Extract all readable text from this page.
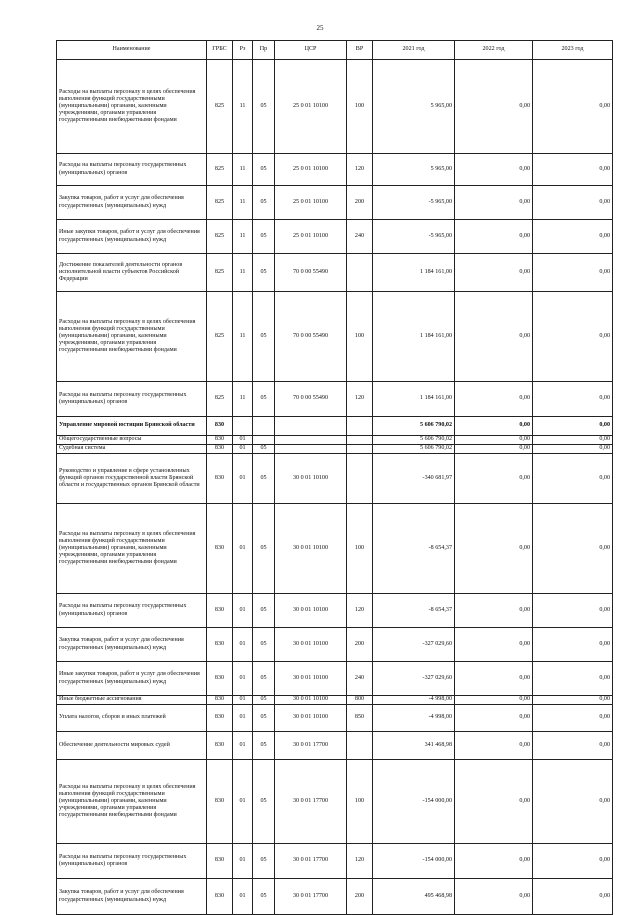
25
Наименование	ГРБС	Рз	Пр	ЦСР	ВР	2021 год	2022 год	2023 год
Расходы на выплаты персоналу в целях обеспечения выполнения функций государственными (муниципальными) органами, казенными учреждениями, органами управления государственными внебюджетными фондами	825	11	05	25 0 01 10100	100	5 965,00	0,00	0,00
Расходы на выплаты персоналу государственных (муниципальных) органов	825	11	05	25 0 01 10100	120	5 965,00	0,00	0,00
Закупка товаров, работ и услуг для обеспечения государственных (муниципальных) нужд	825	11	05	25 0 01 10100	200	-5 965,00	0,00	0,00
Иные закупки товаров, работ и услуг для обеспечения государственных (муниципальных) нужд	825	11	05	25 0 01 10100	240	-5 965,00	0,00	0,00
Достижение показателей деятельности органов исполнительной власти субъектов Российской Федерации	825	11	05	70 0 00 55490		1 184 161,00	0,00	0,00
Расходы на выплаты персоналу в целях обеспечения выполнения функций государственными (муниципальными) органами, казенными учреждениями, органами управления государственными внебюджетными фондами	825	11	05	70 0 00 55490	100	1 184 161,00	0,00	0,00
Расходы на выплаты персоналу государственных (муниципальных) органов	825	11	05	70 0 00 55490	120	1 184 161,00	0,00	0,00
Управление мировой юстиции Брянской области	830					5 606 790,02	0,00	0,00
Общегосударственные вопросы	830	01				5 606 790,02	0,00	0,00
Судебная система	830	01	05			5 606 790,02	0,00	0,00
Руководство и управление в сфере установленных функций органов государственной власти Брянской области и государственных органов Брянской области	830	01	05	30 0 01 10100		-340 681,97	0,00	0,00
Расходы на выплаты персоналу в целях обеспечения выполнения функций государственными (муниципальными) органами, казенными учреждениями, органами управления государственными внебюджетными фондами	830	01	05	30 0 01 10100	100	-8 654,37	0,00	0,00
Расходы на выплаты персоналу государственных (муниципальных) органов	830	01	05	30 0 01 10100	120	-8 654,37	0,00	0,00
Закупка товаров, работ и услуг для обеспечения государственных (муниципальных) нужд	830	01	05	30 0 01 10100	200	-327 029,60	0,00	0,00
Иные закупки товаров, работ и услуг для обеспечения государственных (муниципальных) нужд	830	01	05	30 0 01 10100	240	-327 029,60	0,00	0,00
Иные бюджетные ассигнования	830	01	05	30 0 01 10100	800	-4 998,00	0,00	0,00
Уплата налогов, сборов и иных платежей	830	01	05	30 0 01 10100	850	-4 998,00	0,00	0,00
Обеспечение деятельности мировых судей	830	01	05	30 0 01 17700		341 468,98	0,00	0,00
Расходы на выплаты персоналу в целях обеспечения выполнения функций государственными (муниципальными) органами, казенными учреждениями, органами управления государственными внебюджетными фондами	830	01	05	30 0 01 17700	100	-154 000,00	0,00	0,00
Расходы на выплаты персоналу государственных (муниципальных) органов	830	01	05	30 0 01 17700	120	-154 000,00	0,00	0,00
Закупка товаров, работ и услуг для обеспечения государственных (муниципальных) нужд	830	01	05	30 0 01 17700	200	495 468,98	0,00	0,00
